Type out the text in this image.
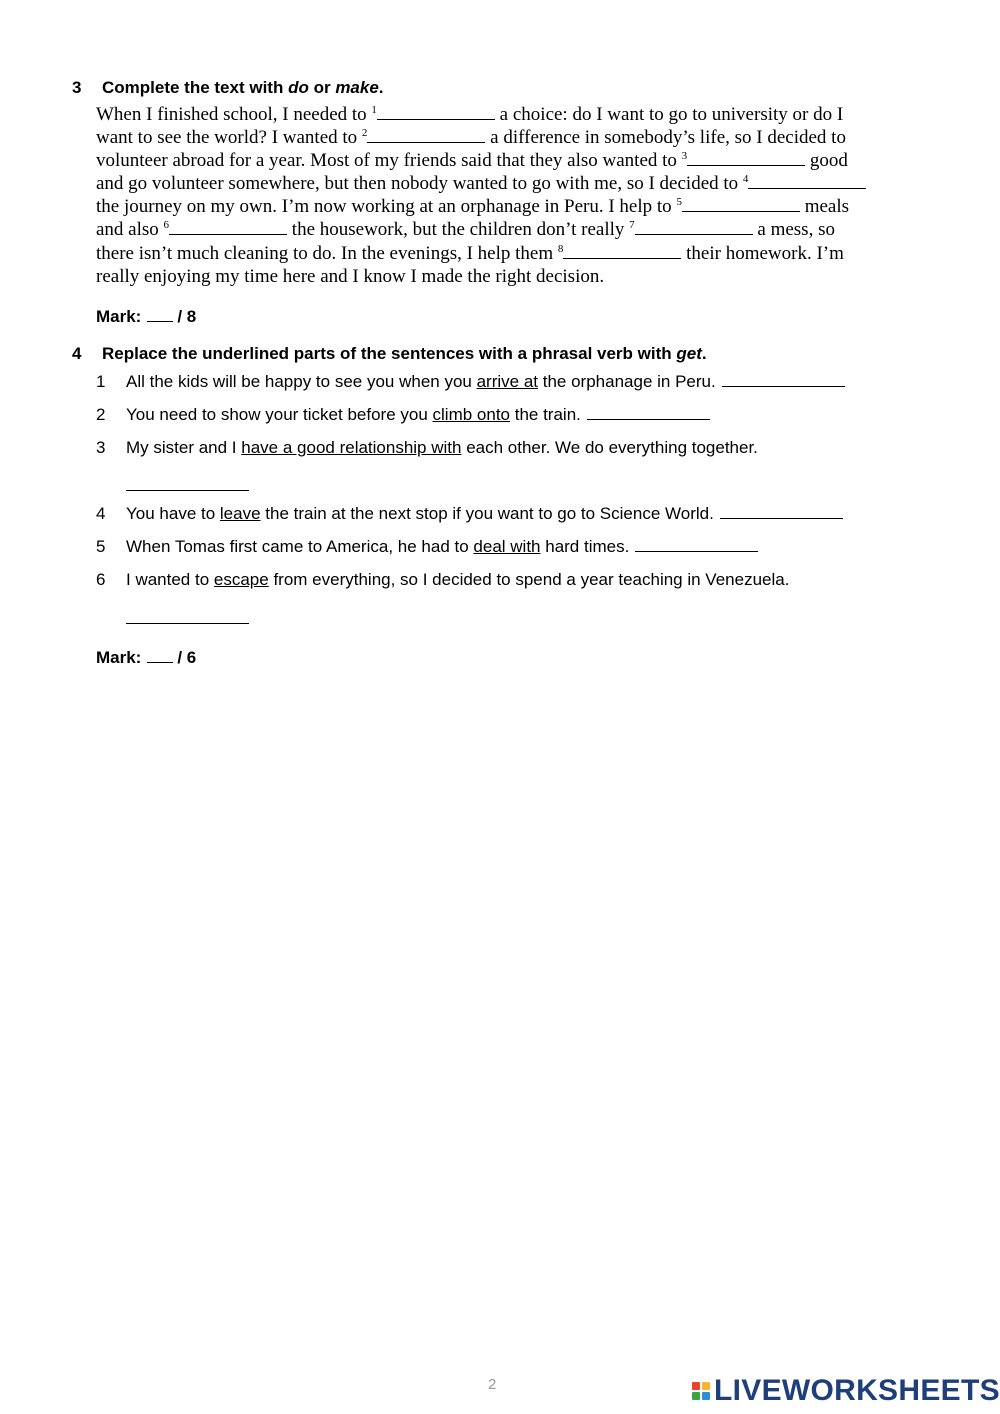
3 Complete the text with do or make.
When I finished school, I needed to $^1$	a choice: do I want to go to university or do I
want to see the world? I wanted to $^2$	a difference in somebody’s life, so I decided to
volunteer abroad for a year. Most of my friends said that they also wanted to $^3$	good
and go volunteer somewhere, but then nobody wanted to go with me, so I decided to $^4$
the journey on my own. I’m now working at an orphanage in Peru. I help to $^5$	meals
and also $^6$	the housework, but the children don’t really $^7$	a mess, so
there isn’t much cleaning to do. In the evenings, I help them $^8$	their homework. I’m
really enjoying my time here and I know I made the right decision.
Mark: / 8
4 Replace the underlined parts of the sentences with a phrasal verb with get.
1 All the kids will be happy to see you when you arrive at the orphanage in Peru.
2 You need to show your ticket before you climb onto the train.
3 My sister and I have a good relationship with each other. We do everything together.
4 You have to leave the train at the next stop if you want to go to Science World.
5 When Tomas first came to America, he had to deal with hard times.
6 I wanted to escape from everything, so I decided to spend a year teaching in Venezuela.
Mark: / 6
2	LIVEWORKSHEETS
